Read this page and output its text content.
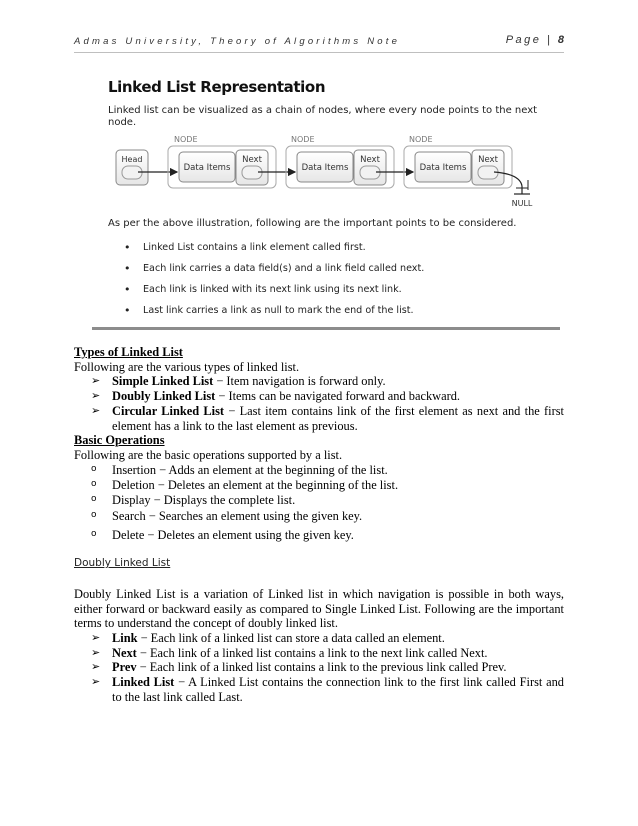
Admas University, Theory of Algorithms Note	Page | 8
Linked List Representation
Linked list can be visualized as a chain of nodes, where every node points to the next node.
Head
NODE
Data Items
Next
NODE
Data Items
Next
NODE
Data Items
Next
NULL
As per the above illustration, following are the important points to be considered.
• Linked List contains a link element called first.
• Each link carries a data field(s) and a link field called next.
• Each link is linked with its next link using its next link.
• Last link carries a link as null to mark the end of the list.

Types of Linked List

Following are the various types of linked list.

➢ Simple Linked List − Item navigation is forward only.
➢ Doubly Linked List − Items can be navigated forward and backward.
➢ Circular Linked List − Last item contains link of the first element as next and the first element has a link to the last element as previous.

Basic Operations

Following are the basic operations supported by a list.

o Insertion − Adds an element at the beginning of the list.
o Deletion − Deletes an element at the beginning of the list.
o Display − Displays the complete list.
o Search − Searches an element using the given key.
o Delete − Deletes an element using the given key.

Doubly Linked List

Doubly Linked List is a variation of Linked list in which navigation is possible in both ways, either forward or backward easily as compared to Single Linked List. Following are the important terms to understand the concept of doubly linked list.

➢ Link − Each link of a linked list can store a data called an element.
➢ Next − Each link of a linked list contains a link to the next link called Next.
➢ Prev − Each link of a linked list contains a link to the previous link called Prev.
➢ Linked List − A Linked List contains the connection link to the first link called First and to the last link called Last.
